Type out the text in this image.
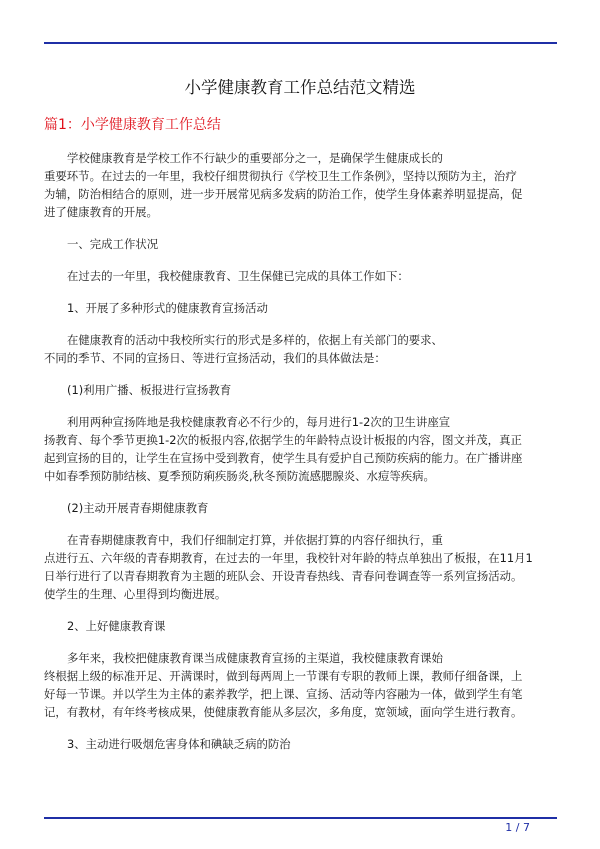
小学健康教育工作总结范文精选
篇1：小学健康教育工作总结

学校健康教育是学校工作不行缺少的重要部分之一，是确保学生健康成长的
重要环节。在过去的一年里，我校仔细贯彻执行《学校卫生工作条例》，坚持以预防为主，治疗
为辅，防治相结合的原则，进一步开展常见病多发病的防治工作，使学生身体素养明显提高，促
进了健康教育的开展。

一、完成工作状况

在过去的一年里，我校健康教育、卫生保健已完成的具体工作如下：

1、开展了多种形式的健康教育宣扬活动

在健康教育的活动中我校所实行的形式是多样的，依据上有关部门的要求、
不同的季节、不同的宣扬日、等进行宣扬活动，我们的具体做法是：

(1)利用广播、板报进行宣扬教育

利用两种宣扬阵地是我校健康教育必不行少的，每月进行1-2次的卫生讲座宣
扬教育、每个季节更换1-2次的板报内容,依据学生的年龄特点设计板报的内容，图文并茂，真正
起到宣扬的目的，让学生在宣扬中受到教育，使学生具有爱护自己预防疾病的能力。在广播讲座
中如春季预防肺结核、夏季预防痢疾肠炎,秋冬预防流感腮腺炎、水痘等疾病。

(2)主动开展青春期健康教育

在青春期健康教育中，我们仔细制定打算，并依据打算的内容仔细执行，重
点进行五、六年级的青春期教育，在过去的一年里，我校针对年龄的特点单独出了板报，在11月1
日举行进行了以青春期教育为主题的班队会、开设青春热线、青春问卷调查等一系列宣扬活动。
使学生的生理、心里得到均衡进展。

2、上好健康教育课

多年来，我校把健康教育课当成健康教育宣扬的主渠道，我校健康教育课始
终根据上级的标准开足、开满课时，做到每两周上一节课有专职的教师上课，教师仔细备课，上
好每一节课。并以学生为主体的素养教学，把上课、宣扬、活动等内容融为一体，做到学生有笔
记，有教材，有年终考核成果，使健康教育能从多层次，多角度，宽领域，面向学生进行教育。

3、主动进行吸烟危害身体和碘缺乏病的防治

1 / 7
